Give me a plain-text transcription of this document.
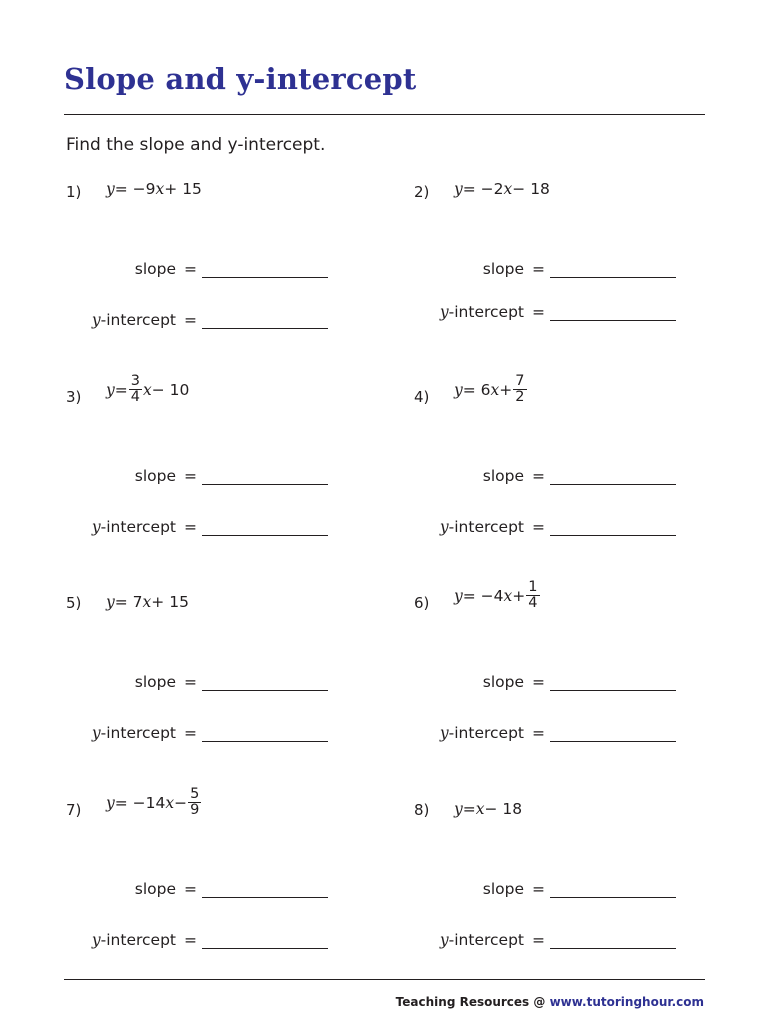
Slope and y-intercept
Find the slope and y-intercept.
1) y = −9 x + 15	2) y = −2 x − 18
3) $y = \frac{3}{4}$ x − 10	4) y = 6 $x + \frac{7}{2}$
5) y = 7 x + 15	6) y = −4 $x + \frac{1}{4}$
7) y = −14 $x - \frac{5}{9}$	8) y = x − 18
slope =
y-intercept =
slope =
y-intercept =
slope =
y-intercept =
slope =
y-intercept =
slope =
y-intercept =
slope =
y-intercept =
slope =
y-intercept =
slope =
y-intercept =
Teaching Resources @ www.tutoringhour.com
